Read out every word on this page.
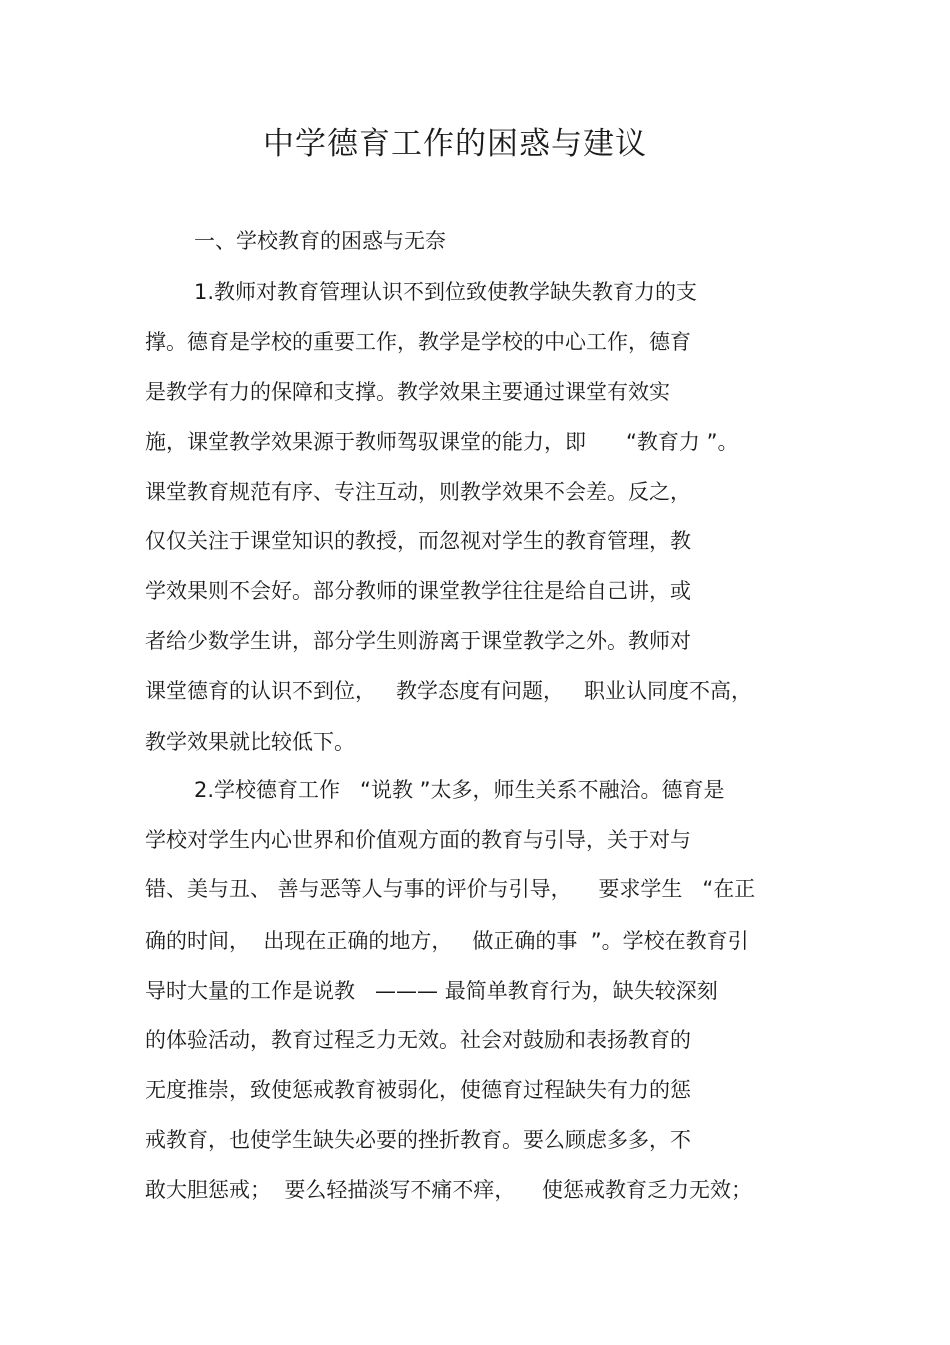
中学德育工作的困惑与建议

一、学校教育的困惑与无奈

1.教师对教育管理认识不到位致使教学缺失教育力的支

撑。德育是学校的重要工作，教学是学校的中心工作，德育

是教学有力的保障和支撑。教学效果主要通过课堂有效实

施，课堂教学效果源于教师驾驭课堂的能力，即      “教育力 ”。

课堂教育规范有序、专注互动，则教学效果不会差。反之，

仅仅关注于课堂知识的教授，而忽视对学生的教育管理，教

学效果则不会好。部分教师的课堂教学往往是给自己讲，或

者给少数学生讲，部分学生则游离于课堂教学之外。教师对

课堂德育的认识不到位，   教学态度有问题，   职业认同度不高，

教学效果就比较低下。

2.学校德育工作   “说教 ”太多，师生关系不融洽。德育是

学校对学生内心世界和价值观方面的教育与引导，关于对与

错、美与丑、 善与恶等人与事的评价与引导，    要求学生   “在正

确的时间，  出现在正确的地方，   做正确的事  ”。学校在教育引

导时大量的工作是说教   ——— 最简单教育行为，缺失较深刻

的体验活动，教育过程乏力无效。社会对鼓励和表扬教育的

无度推崇，致使惩戒教育被弱化，使德育过程缺失有力的惩

戒教育，也使学生缺失必要的挫折教育。要么顾虑多多，不

敢大胆惩戒；  要么轻描淡写不痛不痒，    使惩戒教育乏力无效；
